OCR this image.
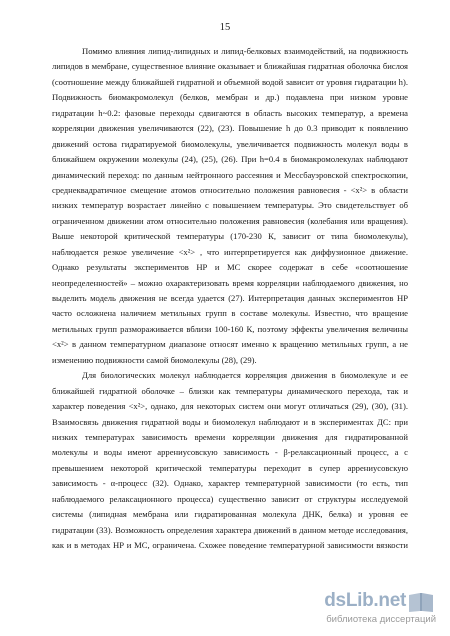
15
Помимо влияния липид-липидных и липид-белковых взаимодействий, на подвижность
липидов в мембране, существенное влияние оказывает и ближайшая гидратная оболочка бислоя
(соотношение между ближайшей гидратной и объемной водой зависит от уровня гидратации h).
Подвижность биомакромолекул (белков, мембран и др.) подавлена при низком уровне
гидратации h~0.2: фазовые переходы сдвигаются в область высоких температур, а времена
корреляции движения увеличиваются (22), (23). Повышение h до 0.3 приводит к появлению
движений остова гидратируемой биомолекулы, увеличивается подвижность молекул воды в
ближайшем окружении молекулы (24), (25), (26). При h=0.4 в биомакромолекулах наблюдают
динамический переход: по данным нейтронного рассеяния и Мессбауэровской спектроскопии,
среднеквадратичное смещение атомов относительно положения равновесия - <x²> в области
низких температур возрастает линейно с повышением температуры. Это свидетельствует об
ограниченном движении атом относительно положения равновесия (колебания или вращения).
Выше некоторой критической температуры (170-230 К, зависит от типа биомолекулы),
наблюдается резкое увеличение <x²> , что интерпретируется как диффузионное движение.
Однако результаты экспериментов НР и МС скорее содержат в себе «соотношение
неопределенностей» – можно охарактеризовать время корреляции наблюдаемого движения, но
выделить модель движения не всегда удается (27). Интерпретация данных экспериментов НР
часто осложнена наличием метильных групп в составе молекулы. Известно, что вращение
метильных групп размораживается вблизи 100-160 К, поэтому эффекты увеличения величины
<x²> в данном температурном диапазоне относят именно к вращению метильных групп, а не
изменению подвижности самой биомолекулы (28), (29).
Для биологических молекул наблюдается корреляция движения в биомолекуле и ее
ближайшей гидратной оболочке – близки как температуры динамического перехода, так и
характер поведения <x²>, однако, для некоторых систем они могут отличаться (29), (30), (31).
Взаимосвязь движения гидратной воды и биомолекул наблюдают и в экспериментах ДС: при
низких температурах зависимость времени корреляции движения для гидратированной
молекулы и воды имеют аррениусовскую зависимость - β-релаксационный процесс, а с
превышением некоторой критической температуры переходит в супер аррениусовскую
зависимость - α-процесс (32). Однако, характер температурной зависимости (то есть, тип
наблюдаемого релаксационного процесса) существенно зависит от структуры исследуемой
системы (липидная мембрана или гидратированная молекула ДНК, белка) и уровня ее
гидратации (33). Возможность определения характера движений в данном методе исследования,
как и в методах НР и МС, ограничена. Схожее поведение температурной зависимости вязкости
dsLib.net
библиотека диссертаций
